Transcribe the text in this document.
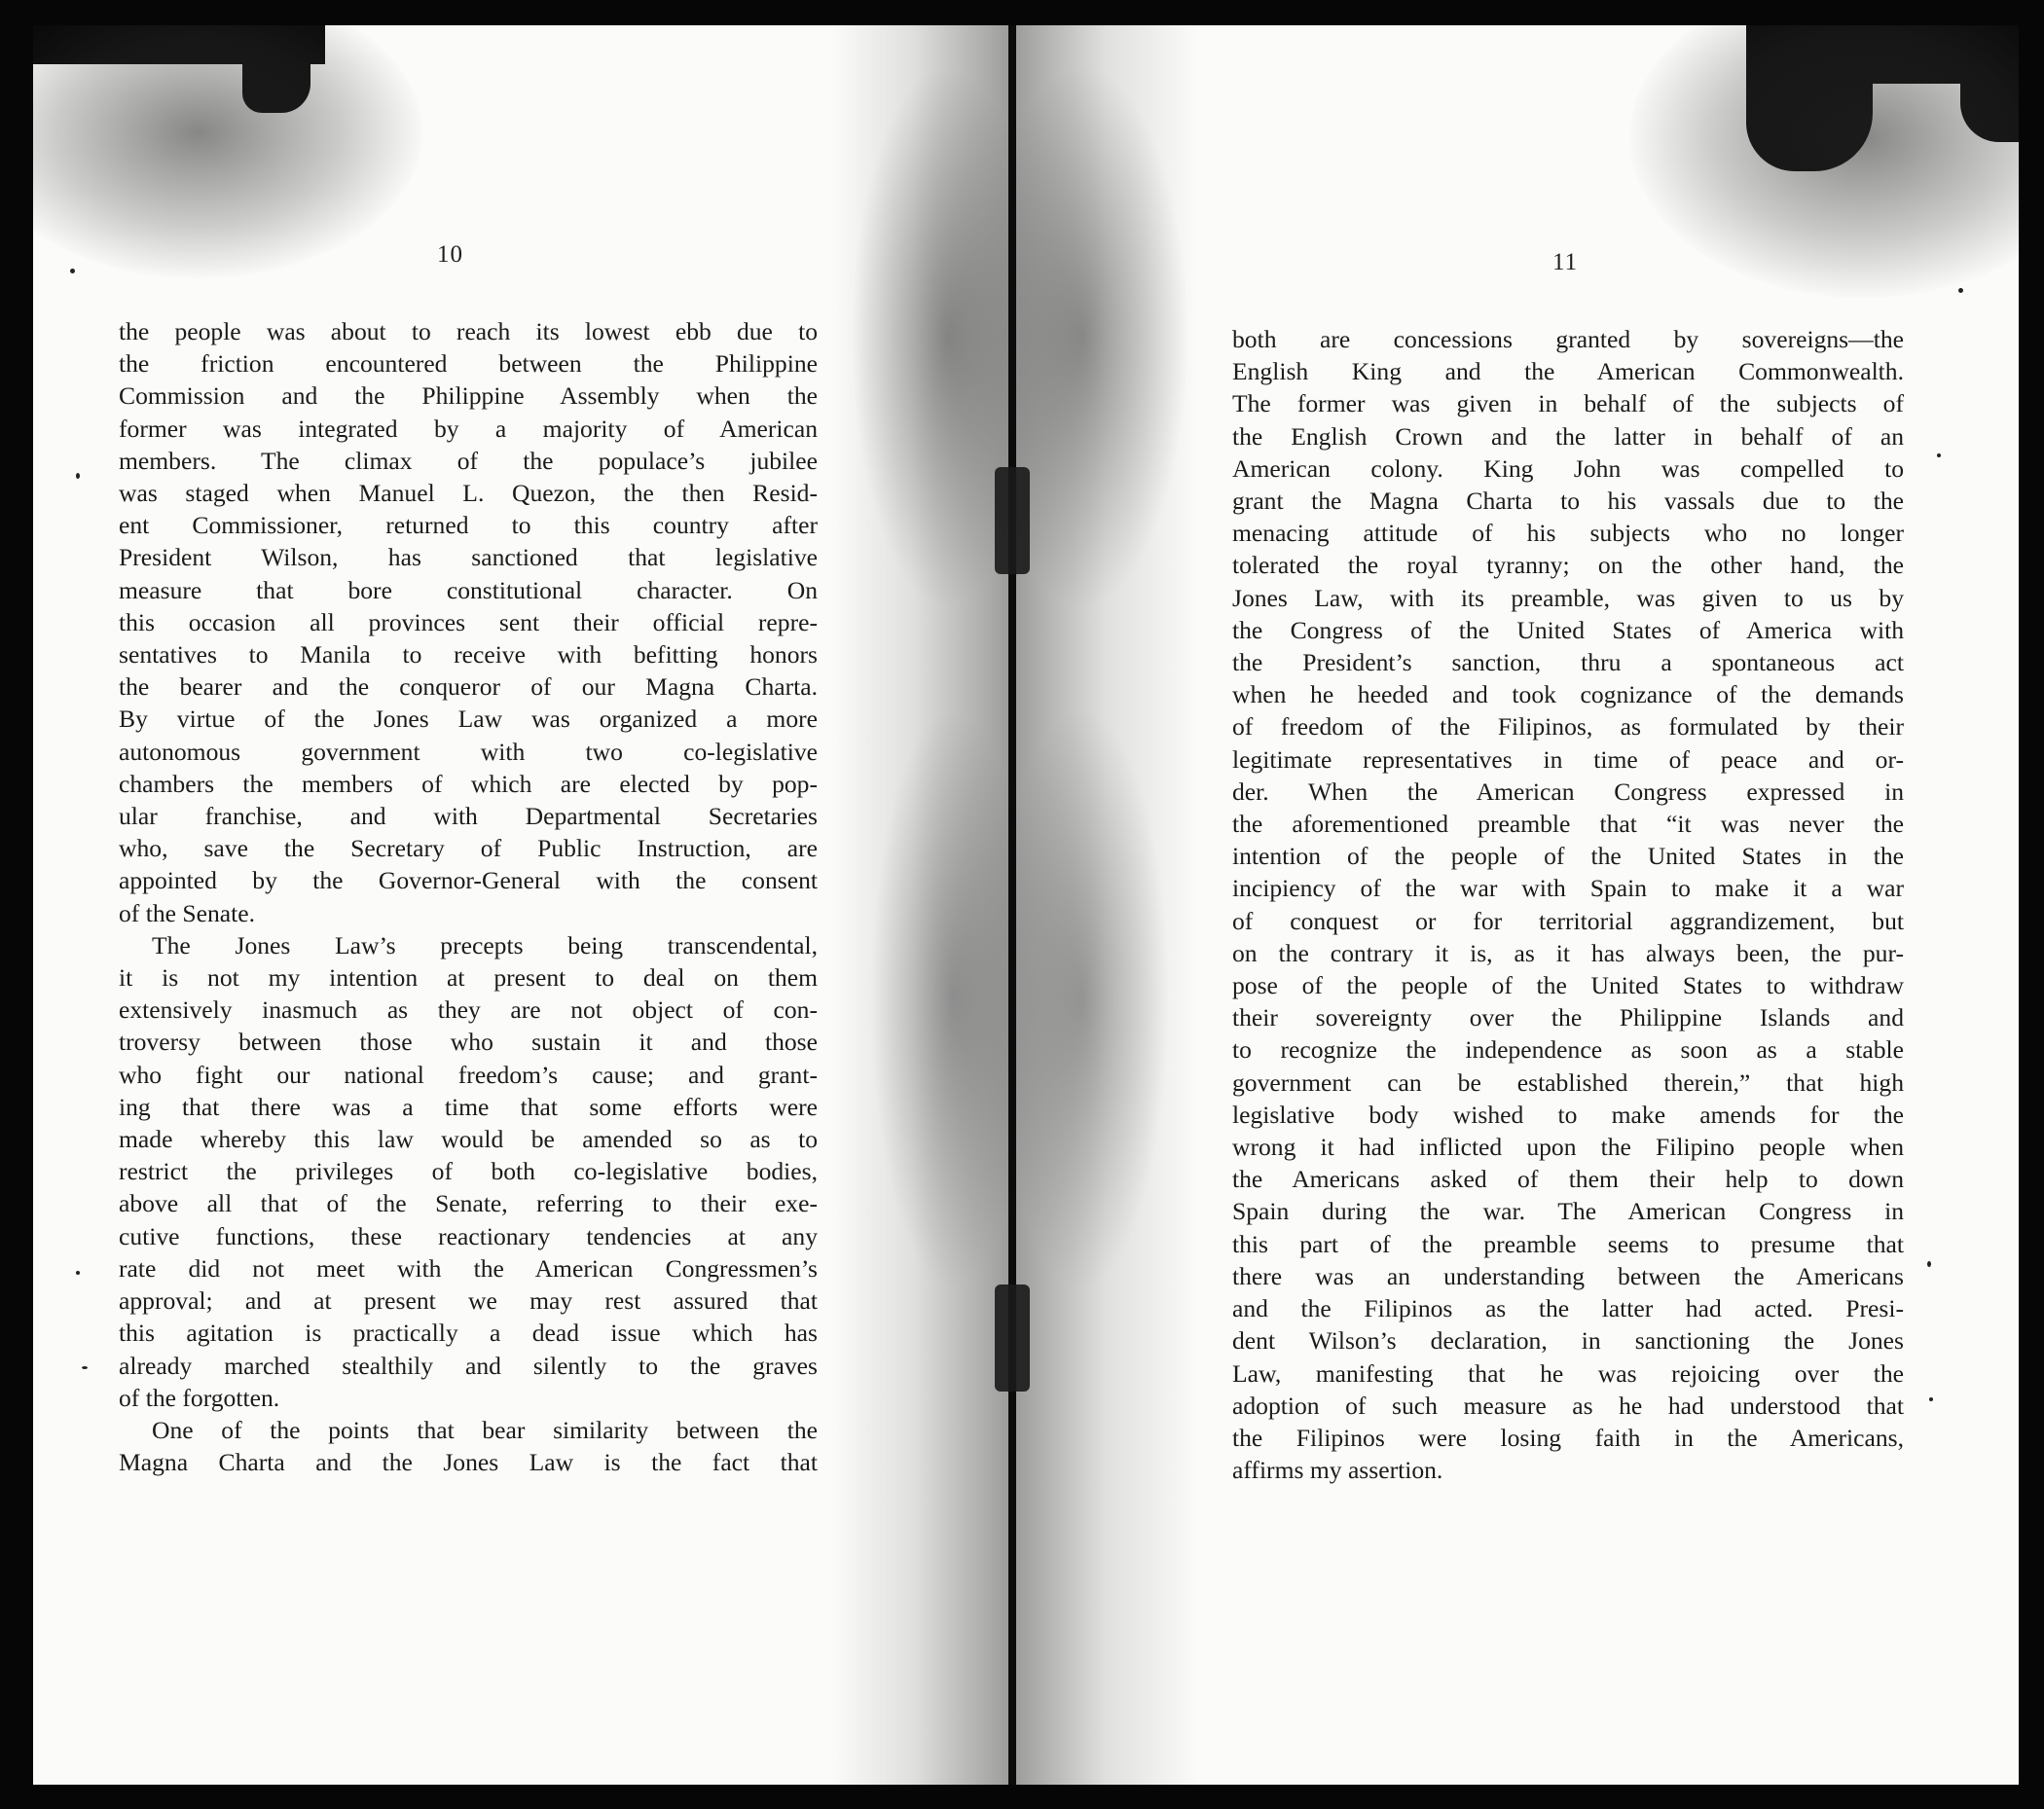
10
the people was about to reach its lowest ebb due to
the friction encountered between the Philippine
Commission and the Philippine Assembly when the
former was integrated by a majority of American
members. The climax of the populace’s jubilee
was staged when Manuel L. Quezon, the then Resid-
ent Commissioner, returned to this country after
President Wilson, has sanctioned that legislative
measure that bore constitutional character. On
this occasion all provinces sent their official repre-
sentatives to Manila to receive with befitting honors
the bearer and the conqueror of our Magna Charta.
By virtue of the Jones Law was organized a more
autonomous government with two co-legislative
chambers the members of which are elected by pop-
ular franchise, and with Departmental Secretaries
who, save the Secretary of Public Instruction, are
appointed by the Governor-General with the consent
of the Senate.
The Jones Law’s precepts being transcendental,
it is not my intention at present to deal on them
extensively inasmuch as they are not object of con-
troversy between those who sustain it and those
who fight our national freedom’s cause; and grant-
ing that there was a time that some efforts were
made whereby this law would be amended so as to
restrict the privileges of both co-legislative bodies,
above all that of the Senate, referring to their exe-
cutive functions, these reactionary tendencies at any
rate did not meet with the American Congressmen’s
approval; and at present we may rest assured that
this agitation is practically a dead issue which has
already marched stealthily and silently to the graves
of the forgotten.
One of the points that bear similarity between the
Magna Charta and the Jones Law is the fact that
11
both are concessions granted by sovereigns—the
English King and the American Commonwealth.
The former was given in behalf of the subjects of
the English Crown and the latter in behalf of an
American colony. King John was compelled to
grant the Magna Charta to his vassals due to the
menacing attitude of his subjects who no longer
tolerated the royal tyranny; on the other hand, the
Jones Law, with its preamble, was given to us by
the Congress of the United States of America with
the President’s sanction, thru a spontaneous act
when he heeded and took cognizance of the demands
of freedom of the Filipinos, as formulated by their
legitimate representatives in time of peace and or-
der. When the American Congress expressed in
the aforementioned preamble that “it was never the
intention of the people of the United States in the
incipiency of the war with Spain to make it a war
of conquest or for territorial aggrandizement, but
on the contrary it is, as it has always been, the pur-
pose of the people of the United States to withdraw
their sovereignty over the Philippine Islands and
to recognize the independence as soon as a stable
government can be established therein,” that high
legislative body wished to make amends for the
wrong it had inflicted upon the Filipino people when
the Americans asked of them their help to down
Spain during the war. The American Congress in
this part of the preamble seems to presume that
there was an understanding between the Americans
and the Filipinos as the latter had acted. Presi-
dent Wilson’s declaration, in sanctioning the Jones
Law, manifesting that he was rejoicing over the
adoption of such measure as he had understood that
the Filipinos were losing faith in the Americans,
affirms my assertion.
